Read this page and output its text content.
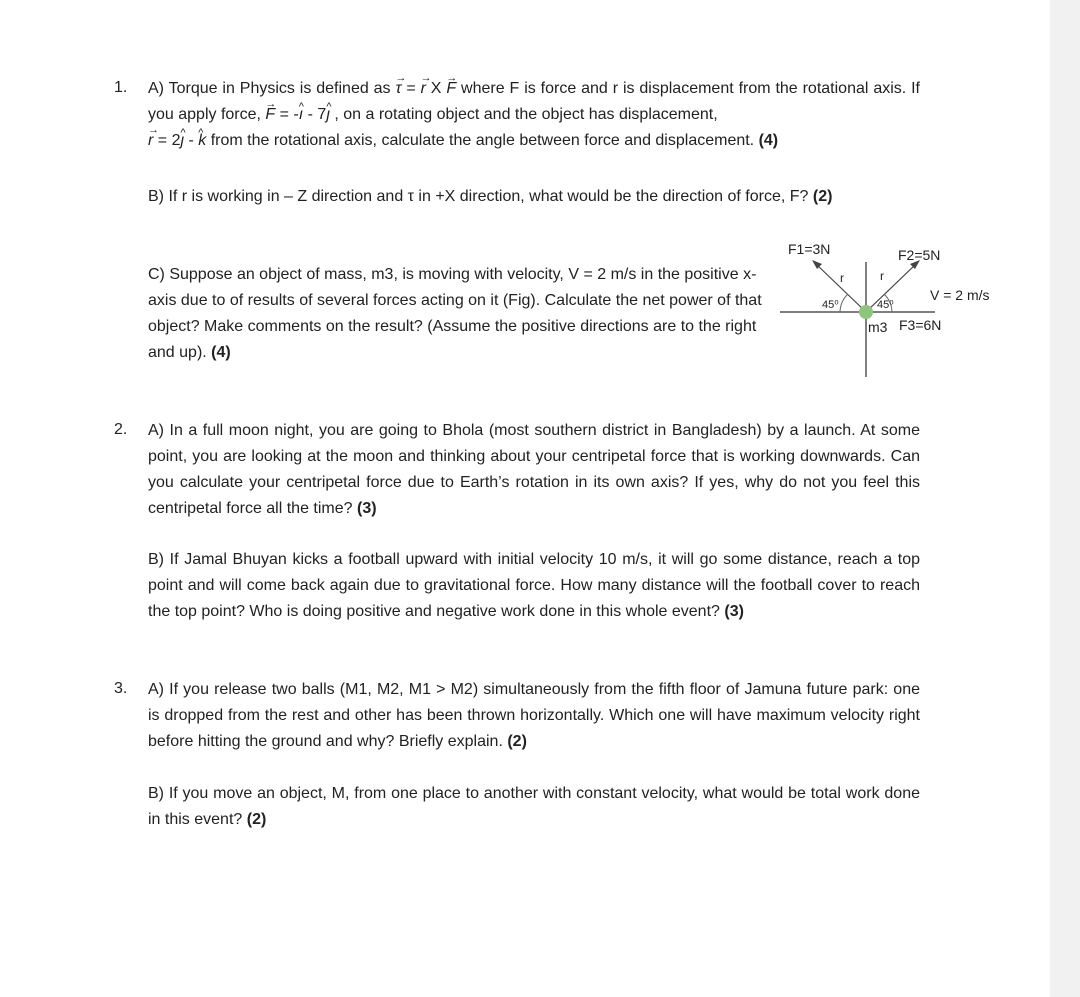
1. A) Torque in Physics is defined as → τ = → r X → F where F is force and r is displacement from the rotational axis. If you apply force, → F = -^ ı - 7^ ȷ , on a rotating object and the object has displacement,
→ r = 2^ ȷ - ^ k from the rotational axis, calculate the angle between force and displacement. (4)
B) If r is working in – Z direction and τ in +X direction, what would be the direction of force, F? (2)
C) Suppose an object of mass, m3, is moving with velocity, V = 2 m/s in the positive x-axis due to of results of several forces acting on it (Fig). Calculate the net power of that object? Make comments on the result? (Assume the positive directions are to the right and up). (4)
F1=3N	F2=5N
r	r
45⁰	45⁰
V = 2 m/s
m3 F3=6N
2. A) In a full moon night, you are going to Bhola (most southern district in Bangladesh) by a launch. At some point, you are looking at the moon and thinking about your centripetal force that is working downwards. Can you calculate your centripetal force due to Earth’s rotation in its own axis? If yes, why do not you feel this centripetal force all the time? (3)
B) If Jamal Bhuyan kicks a football upward with initial velocity 10 m/s, it will go some distance, reach a top point and will come back again due to gravitational force. How many distance will the football cover to reach the top point? Who is doing positive and negative work done in this whole event? (3)
3. A) If you release two balls (M1, M2, M1 > M2) simultaneously from the fifth floor of Jamuna future park: one is dropped from the rest and other has been thrown horizontally. Which one will have maximum velocity right before hitting the ground and why? Briefly explain. (2)
B) If you move an object, M, from one place to another with constant velocity, what would be total work done in this event? (2)
